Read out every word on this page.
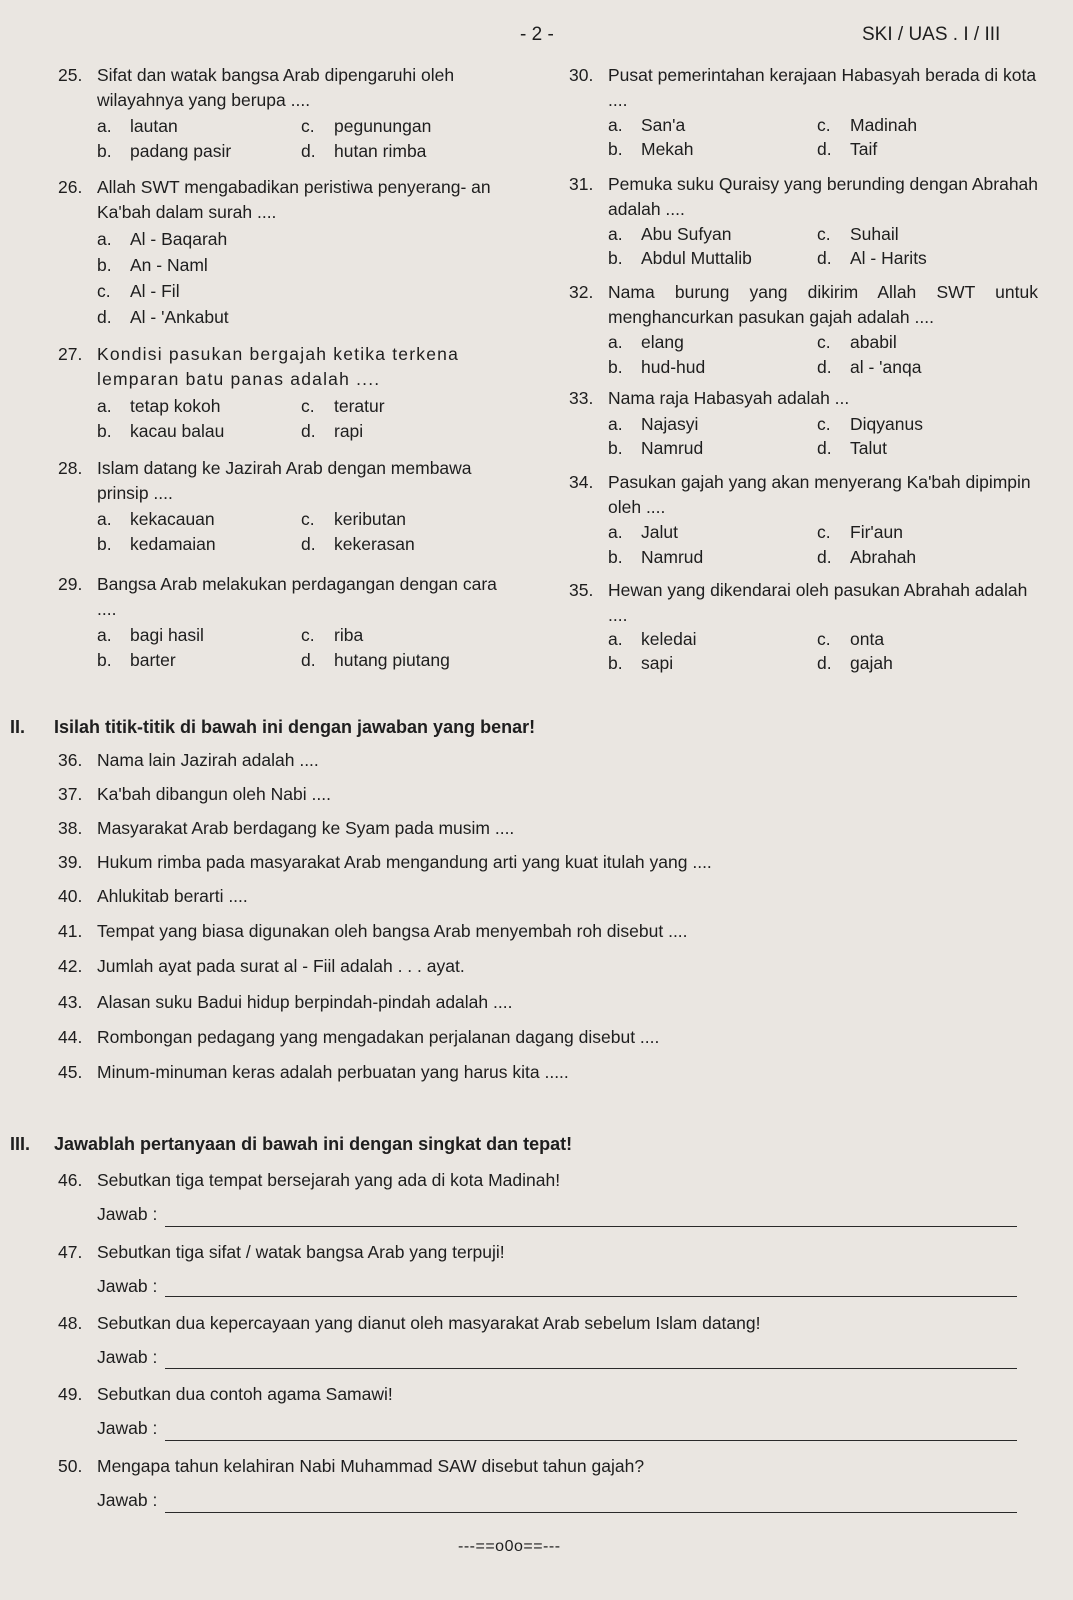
- 2 -	SKI / UAS . I / III
25. Sifat dan watak bangsa Arab dipengaruhi oleh wilayahnya yang berupa ....
a. lautan	c. pegunungan
b. padang pasir	d. hutan rimba
26. Allah SWT mengabadikan peristiwa penyerang- an Ka'bah dalam surah ....
a. Al - Baqarah
b. An - Naml
c. Al - Fil
d. Al - 'Ankabut
27. Kondisi pasukan bergajah ketika terkena lemparan batu panas adalah ....
a. tetap kokoh	c. teratur
b. kacau balau	d. rapi
28. Islam datang ke Jazirah Arab dengan membawa prinsip ....
a. kekacauan	c. keributan
b. kedamaian	d. kekerasan
29. Bangsa Arab melakukan perdagangan dengan cara ....
a. bagi hasil	c. riba
b. barter	d. hutang piutang
30. Pusat pemerintahan kerajaan Habasyah berada di kota ....
a. San'a	c. Madinah
b. Mekah	d. Taif
31. Pemuka suku Quraisy yang berunding dengan Abrahah adalah ....
a. Abu Sufyan	c. Suhail
b. Abdul Muttalib	d. Al - Harits
32. Nama burung yang dikirim Allah SWT untuk menghancurkan pasukan gajah adalah ....
a. elang	c. ababil
b. hud-hud	d. al - 'anqa
33. Nama raja Habasyah adalah ...
a. Najasyi	c. Diqyanus
b. Namrud	d. Talut
34. Pasukan gajah yang akan menyerang Ka'bah dipimpin oleh ....
a. Jalut	c. Fir'aun
b. Namrud	d. Abrahah
35. Hewan yang dikendarai oleh pasukan Abrahah adalah ....
a. keledai	c. onta
b. sapi	d. gajah
II. Isilah titik-titik di bawah ini dengan jawaban yang benar!
36. Nama lain Jazirah adalah ....
37. Ka'bah dibangun oleh Nabi ....
38. Masyarakat Arab berdagang ke Syam pada musim ....
39. Hukum rimba pada masyarakat Arab mengandung arti yang kuat itulah yang ....
40. Ahlukitab berarti ....
41. Tempat yang biasa digunakan oleh bangsa Arab menyembah roh disebut ....
42. Jumlah ayat pada surat al - Fiil adalah . . . ayat.
43. Alasan suku Badui hidup berpindah-pindah adalah ....
44. Rombongan pedagang yang mengadakan perjalanan dagang disebut ....
45. Minum-minuman keras adalah perbuatan yang harus kita .....
III. Jawablah pertanyaan di bawah ini dengan singkat dan tepat!
46. Sebutkan tiga tempat bersejarah yang ada di kota Madinah!
Jawab :
47. Sebutkan tiga sifat / watak bangsa Arab yang terpuji!
Jawab :
48. Sebutkan dua kepercayaan yang dianut oleh masyarakat Arab sebelum Islam datang!
Jawab :
49. Sebutkan dua contoh agama Samawi!
Jawab :
50. Mengapa tahun kelahiran Nabi Muhammad SAW disebut tahun gajah?
Jawab :
---==o0o==---
